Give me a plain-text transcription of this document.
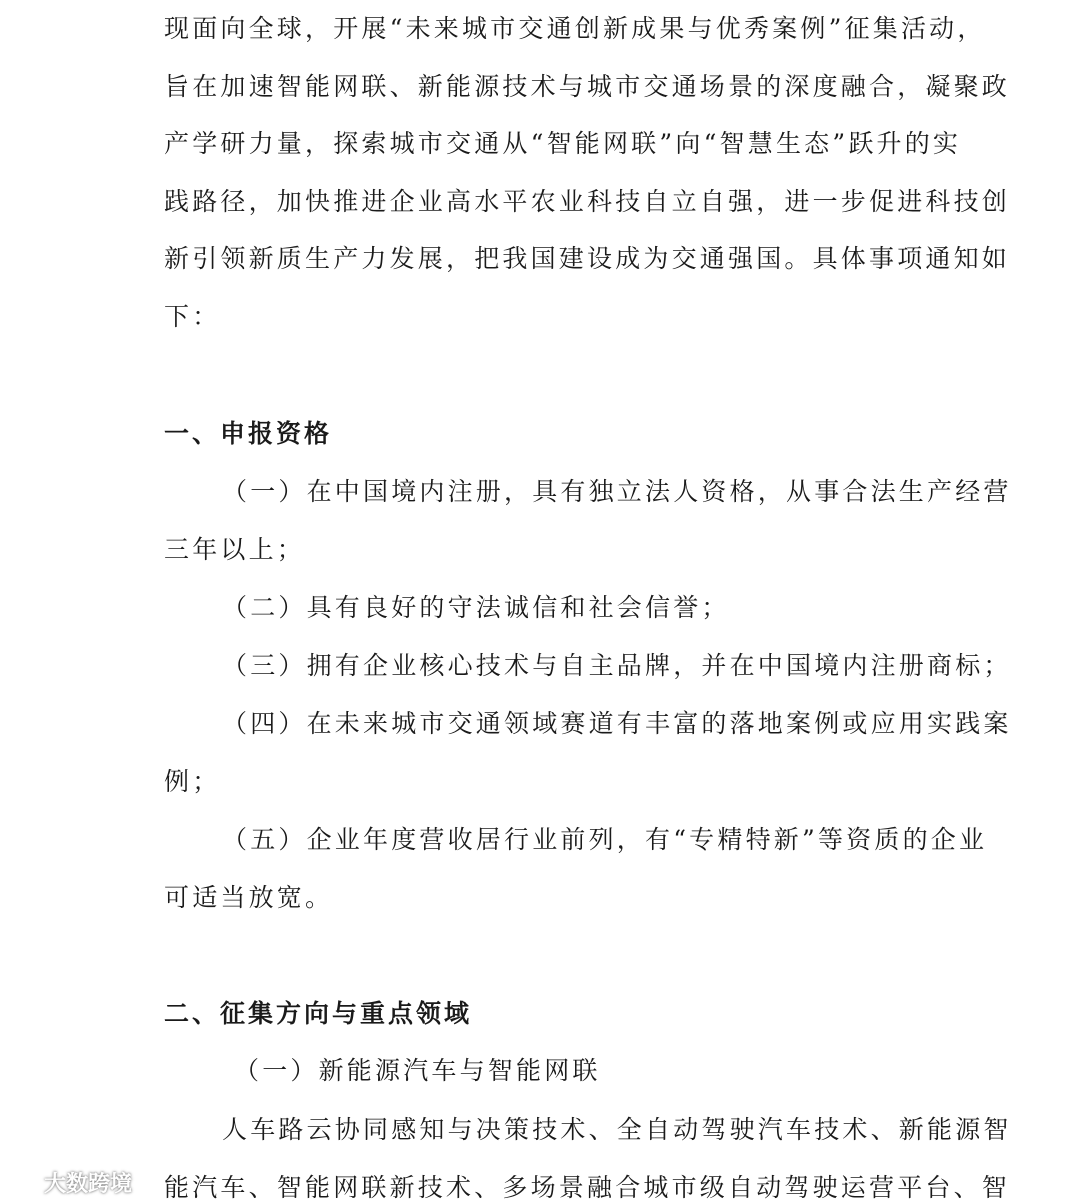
现面向全球，开展“未来城市交通创新成果与优秀案例”征集活动，
旨在加速智能网联、新能源技术与城市交通场景的深度融合，凝聚政
产学研力量，探索城市交通从“智能网联”向“智慧生态”跃升的实
践路径，加快推进企业高水平农业科技自立自强，进一步促进科技创
新引领新质生产力发展，把我国建设成为交通强国。具体事项通知如
下：
一、申报资格
（一）在中国境内注册，具有独立法人资格，从事合法生产经营
三年以上；
（二）具有良好的守法诚信和社会信誉；
（三）拥有企业核心技术与自主品牌，并在中国境内注册商标；
（四）在未来城市交通领域赛道有丰富的落地案例或应用实践案
例；
（五）企业年度营收居行业前列，有“专精特新”等资质的企业
可适当放宽。
二、征集方向与重点领域
（一）新能源汽车与智能网联
人车路云协同感知与决策技术、全自动驾驶汽车技术、新能源智
能汽车、智能网联新技术、多场景融合城市级自动驾驶运营平台、智
大数跨境
